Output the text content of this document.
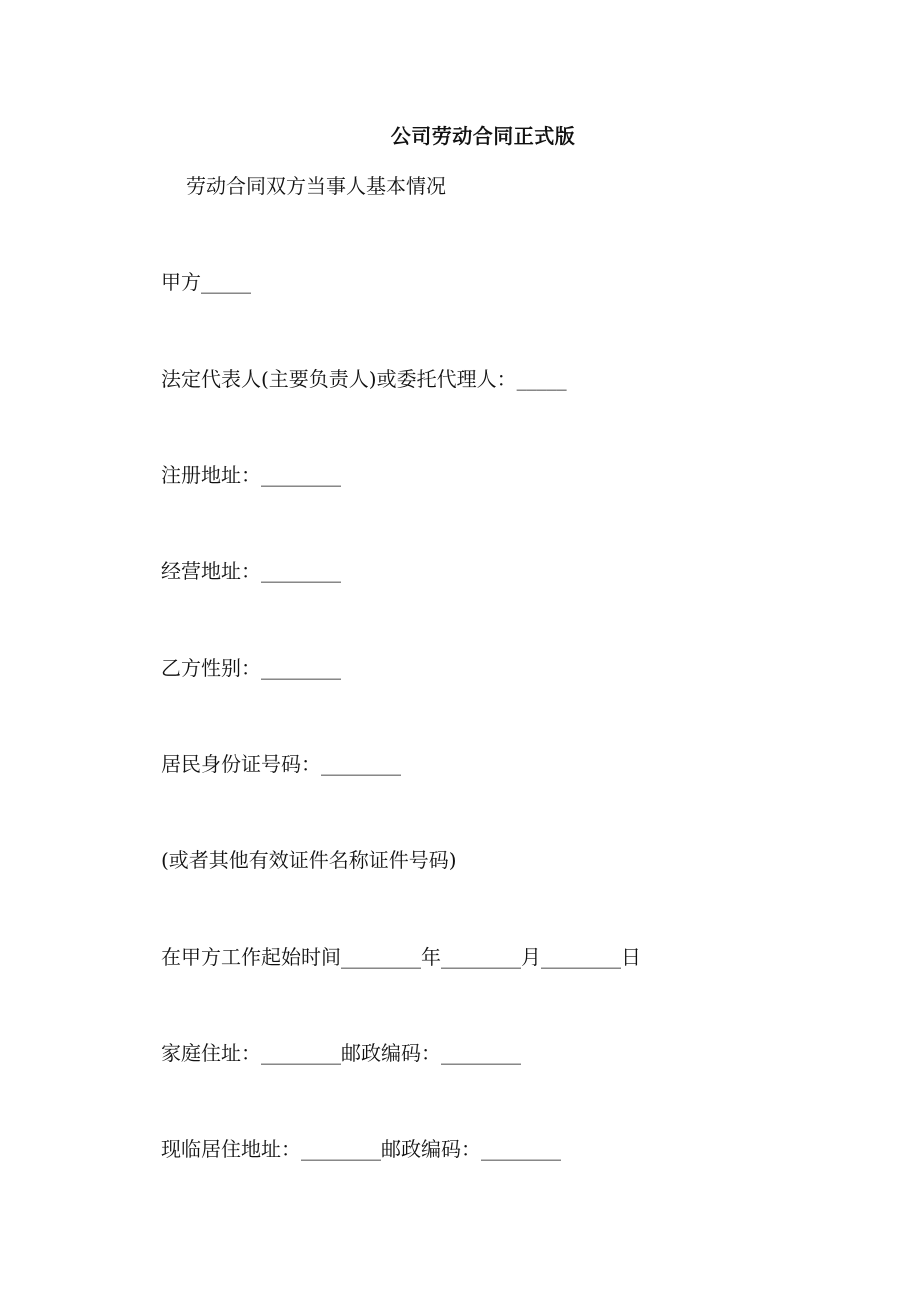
公司劳动合同正式版
劳动合同双方当事人基本情况
甲方_____
法定代表人(主要负责人)或委托代理人：_____
注册地址：________
经营地址：________
乙方性别：________
居民身份证号码：________
(或者其他有效证件名称证件号码)
在甲方工作起始时间________年________月________日
家庭住址：________邮政编码：________
现临居住地址：________邮政编码：________
